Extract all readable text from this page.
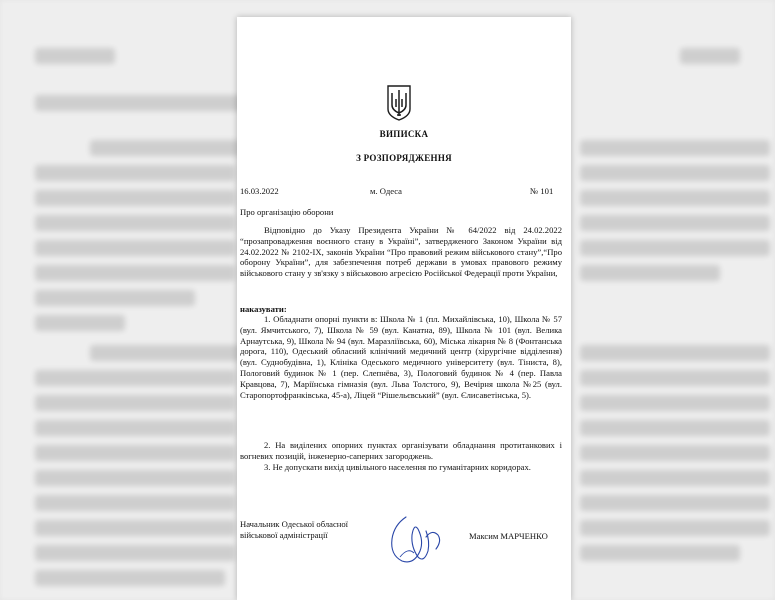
ВИПИСКА
З РОЗПОРЯДЖЕННЯ
16.03.2022	м. Одеса	№ 101
Про організацію оборони
Відповідно до Указу Президента України № 64/2022 від 24.02.2022 “прозапровадження воєнного стану в Україні”, затвердженого Законом України від 24.02.2022 № 2102-IX, законів України “Про правовий режим військового стану”,“Про оборону України”, для забезпечення потреб держави в умовах правового режиму військового стану у зв'язку з військовою агресією Російської Федерації проти України,
наказувати:
1. Обладнати опорні пункти в: Школа № 1 (пл. Михайлівська, 10), Школа № 57 (вул. Ямчитського, 7), Школа № 59 (вул. Канатна, 89), Школа № 101 (вул. Велика Арнаутська, 9), Школа № 94 (вул. Маразліївська, 60), Міська лікарня № 8 (Фонтанська дорога, 110), Одеський обласний клінічний медичний центр (хірургічне відділення) (вул. Суднобудівна, 1), Клініка Одеського медичного університету (вул. Тіниста, 8), Пологовий будинок № 1 (пер. Слепнёва, 3), Пологовий будинок № 4 (пер. Павла Кравцова, 7), Маріїнська гімназія (вул. Льва Толстого, 9), Вечірня школа №25 (вул. Старопортофранківська, 45-а), Ліцей “Рішельєвський” (вул. Єлисаветінська, 5).
2. На виділених опорних пунктах організувати обладнання протитанкових і вогневих позицій, інженерно-саперних загороджень.
3. Не допускати вихід цивільного населення по гуманітарних коридорах.
Начальник Одеської обласної
військової адміністрації	Максим МАРЧЕНКО
